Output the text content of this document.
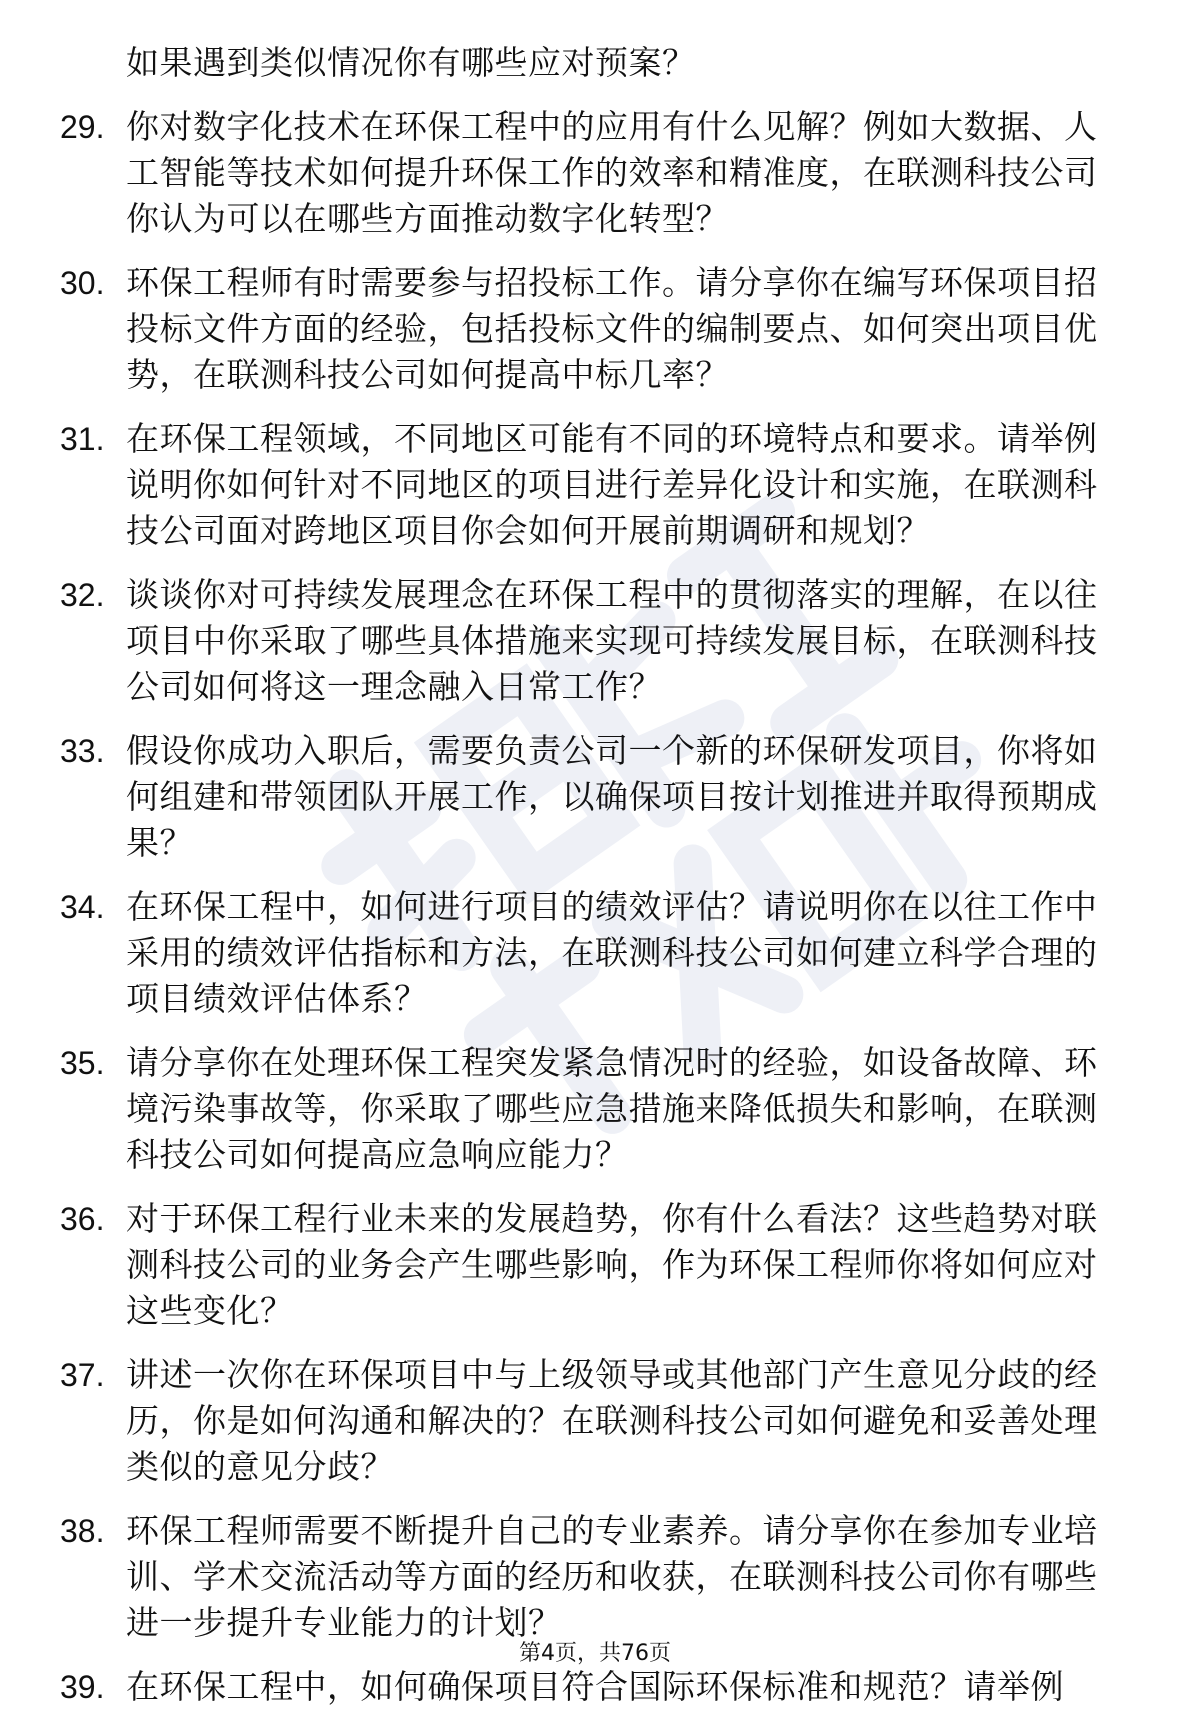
如果遇到类似情况你有哪些应对预案？
29. 你对数字化技术在环保工程中的应用有什么见解？例如大数据、人工智能等技术如何提升环保工作的效率和精准度，在联测科技公司你认为可以在哪些方面推动数字化转型？
30. 环保工程师有时需要参与招投标工作。请分享你在编写环保项目招投标文件方面的经验，包括投标文件的编制要点、如何突出项目优势，在联测科技公司如何提高中标几率？
31. 在环保工程领域，不同地区可能有不同的环境特点和要求。请举例说明你如何针对不同地区的项目进行差异化设计和实施，在联测科技公司面对跨地区项目你会如何开展前期调研和规划？
32. 谈谈你对可持续发展理念在环保工程中的贯彻落实的理解，在以往项目中你采取了哪些具体措施来实现可持续发展目标，在联测科技公司如何将这一理念融入日常工作？
33. 假设你成功入职后，需要负责公司一个新的环保研发项目，你将如何组建和带领团队开展工作，以确保项目按计划推进并取得预期成果？
34. 在环保工程中，如何进行项目的绩效评估？请说明你在以往工作中采用的绩效评估指标和方法，在联测科技公司如何建立科学合理的项目绩效评估体系？
35. 请分享你在处理环保工程突发紧急情况时的经验，如设备故障、环境污染事故等，你采取了哪些应急措施来降低损失和影响，在联测科技公司如何提高应急响应能力？
36. 对于环保工程行业未来的发展趋势，你有什么看法？这些趋势对联测科技公司的业务会产生哪些影响，作为环保工程师你将如何应对这些变化？
37. 讲述一次你在环保项目中与上级领导或其他部门产生意见分歧的经历，你是如何沟通和解决的？在联测科技公司如何避免和妥善处理类似的意见分歧？
38. 环保工程师需要不断提升自己的专业素养。请分享你在参加专业培训、学术交流活动等方面的经历和收获，在联测科技公司你有哪些进一步提升专业能力的计划？
39. 在环保工程中，如何确保项目符合国际环保标准和规范？请举例
第4页，共76页
